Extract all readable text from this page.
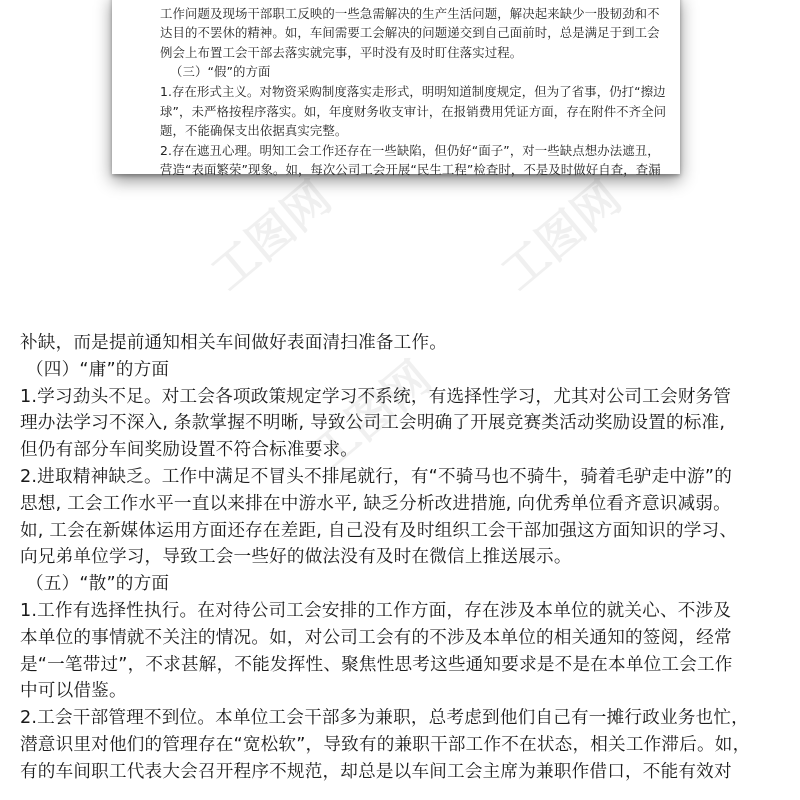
工作问题及现场干部职工反映的一些急需解决的生产生活问题，解决起来缺少一股韧劲和不
达目的不罢休的精神。如，车间需要工会解决的问题递交到自己面前时，总是满足于到工会
例会上布置工会干部去落实就完事，平时没有及时盯住落实过程。
（三）“假”的方面
1.存在形式主义。对物资采购制度落实走形式，明明知道制度规定，但为了省事，仍打“擦边
球”，未严格按程序落实。如，年度财务收支审计，在报销费用凭证方面，存在附件不齐全问
题，不能确保支出依据真实完整。
2.存在遮丑心理。明知工会工作还存在一些缺陷，但仍好“面子”，对一些缺点想办法遮丑，
营造“表面繁荣”现象。如，每次公司工会开展“民生工程”检查时，不是及时做好自查，查漏
工图网
补缺，而是提前通知相关车间做好表面清扫准备工作。
（四）“庸”的方面
1.学习劲头不足。对工会各项政策规定学习不系统，有选择性学习，尤其对公司工会财务管
理办法学习不深入, 条款掌握不明晰, 导致公司工会明确了开展竞赛类活动奖励设置的标准,
但仍有部分车间奖励设置不符合标准要求。
2.进取精神缺乏。工作中满足不冒头不排尾就行，有“不骑马也不骑牛，骑着毛驴走中游”的
思想, 工会工作水平一直以来排在中游水平, 缺乏分析改进措施, 向优秀单位看齐意识减弱。
如, 工会在新媒体运用方面还存在差距, 自己没有及时组织工会干部加强这方面知识的学习、
向兄弟单位学习，导致工会一些好的做法没有及时在微信上推送展示。
（五）“散”的方面
1.工作有选择性执行。在对待公司工会安排的工作方面，存在涉及本单位的就关心、不涉及
本单位的事情就不关注的情况。如，对公司工会有的不涉及本单位的相关通知的签阅，经常
是“一笔带过”，不求甚解，不能发挥性、聚焦性思考这些通知要求是不是在本单位工会工作
中可以借鉴。
2.工会干部管理不到位。本单位工会干部多为兼职，总考虑到他们自己有一摊行政业务也忙，
潜意识里对他们的管理存在“宽松软”，导致有的兼职干部工作不在状态，相关工作滞后。如，
有的车间职工代表大会召开程序不规范，却总是以车间工会主席为兼职作借口，不能有效对
